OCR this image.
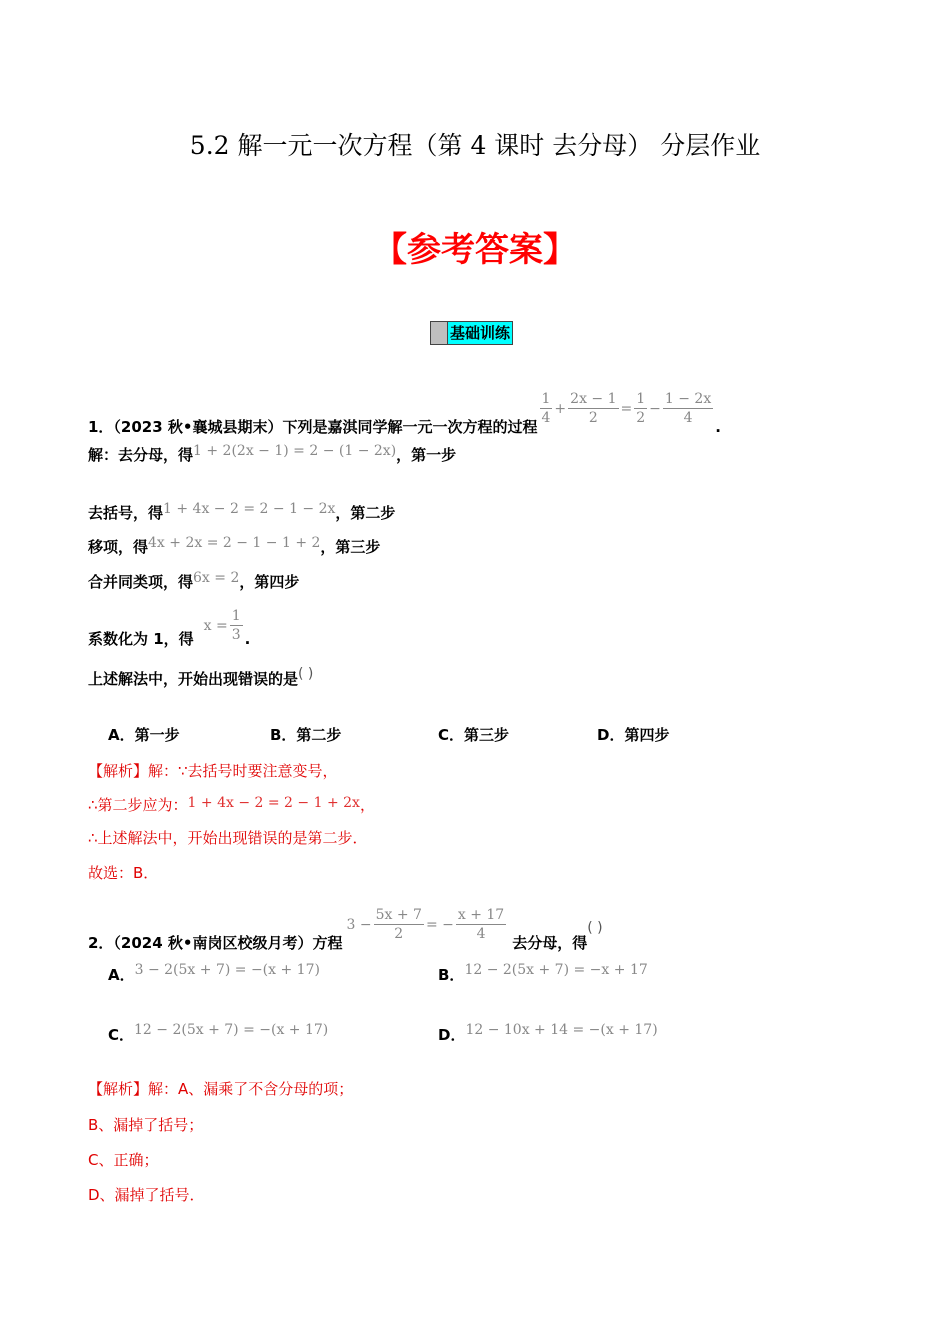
5.2 解一元一次方程（第 4 课时 去分母） 分层作业
【参考答案】
基础训练
1．（2023 秋•襄城县期末）下列是嘉淇同学解一元一次方程的过程 $\frac{1}{4} + \frac{2x - 1}{2} = \frac{1}{2} - \frac{1 - 2x}{4}$ .
解：去分母，得1 + 2(2x − 1) = 2 − (1 − 2x)，第一步
去括号，得1 + 4x − 2 = 2 − 1 − 2x，第二步
移项，得4x + 2x = 2 − 1 − 1 + 2，第三步
合并同类项，得6x = 2，第四步
系数化为 1，得
$x = \frac{1}{3}$ .
上述解法中，开始出现错误的是( )
A．第一步	B．第二步	C．第三步	D．第四步
【解析】解：∵去括号时要注意变号，
∴第二步应为：1 + 4x − 2 = 2 − 1 + 2x，
∴上述解法中，开始出现错误的是第二步．
故选：B．
2．（2024 秋•南岗区校级月考）方程
$3 - \frac{5x + 7}{2}$ = − $\frac{x + 17}{4}$ 去分母，得
( )
A．3 − 2(5x + 7) = −(x + 17)	B．12 − 2(5x + 7) = −x + 17
C．12 − 2(5x + 7) = −(x + 17)	D．12 − 10x + 14 = −(x + 17)
【解析】解：A、漏乘了不含分母的项；
B、漏掉了括号；
C、正确；
D、漏掉了括号．
